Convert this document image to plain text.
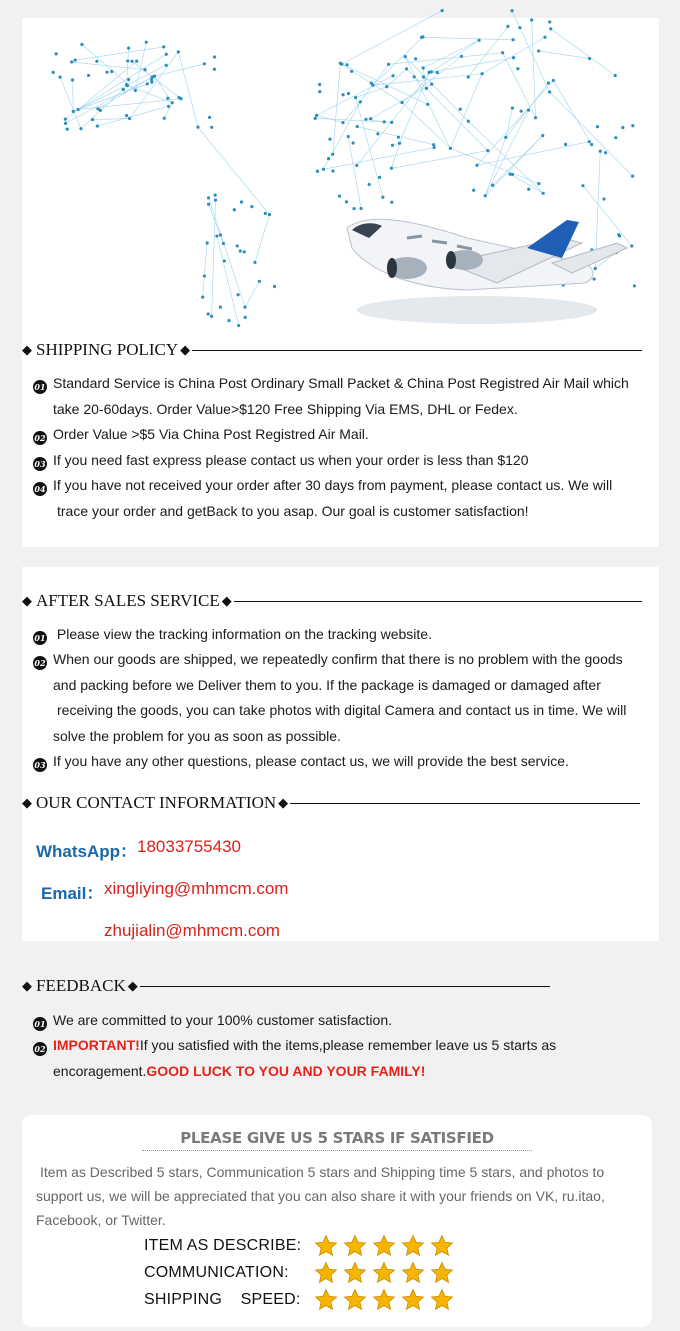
◆ SHIPPING POLICY ◆
01 Standard Service is China Post Ordinary Small Packet & China Post Registred Air Mail which
take 20-60days. Order Value>$120 Free Shipping Via EMS, DHL or Fedex.
02 Order Value >$5 Via China Post Registred Air Mail.
03 If you need fast express please contact us when your order is less than $120
04 If you have not received your order after 30 days from payment, please contact us. We will
trace your order and getBack to you asap. Our goal is customer satisfaction!
◆ AFTER SALES SERVICE ◆
01 Please view the tracking information on the tracking website.
02 When our goods are shipped, we repeatedly confirm that there is no problem with the goods
and packing before we Deliver them to you. If the package is damaged or damaged after
receiving the goods, you can take photos with digital Camera and contact us in time. We will
solve the problem for you as soon as possible.
03 If you have any other questions, please contact us, we will provide the best service.
◆ OUR CONTACT INFORMATION ◆
WhatsApp： 18033755430
Email： xingliying@mhmcm.com
zhujialin@mhmcm.com
◆ FEEDBACK ◆
01 We are committed to your 100% customer satisfaction.
02 IMPORTANT!If you satisfied with the items,please remember leave us 5 starts as
encoragement.GOOD LUCK TO YOU AND YOUR FAMILY!
PLEASE GIVE US 5 STARS IF SATISFIED
Item as Described 5 stars, Communication 5 stars and Shipping time 5 stars, and photos to
support us, we will be appreciated that you can also share it with your friends on VK, ru.itao,
Facebook, or Twitter.
ITEM AS DESCRIBE:
COMMUNICATION:
SHIPPING    SPEED:
